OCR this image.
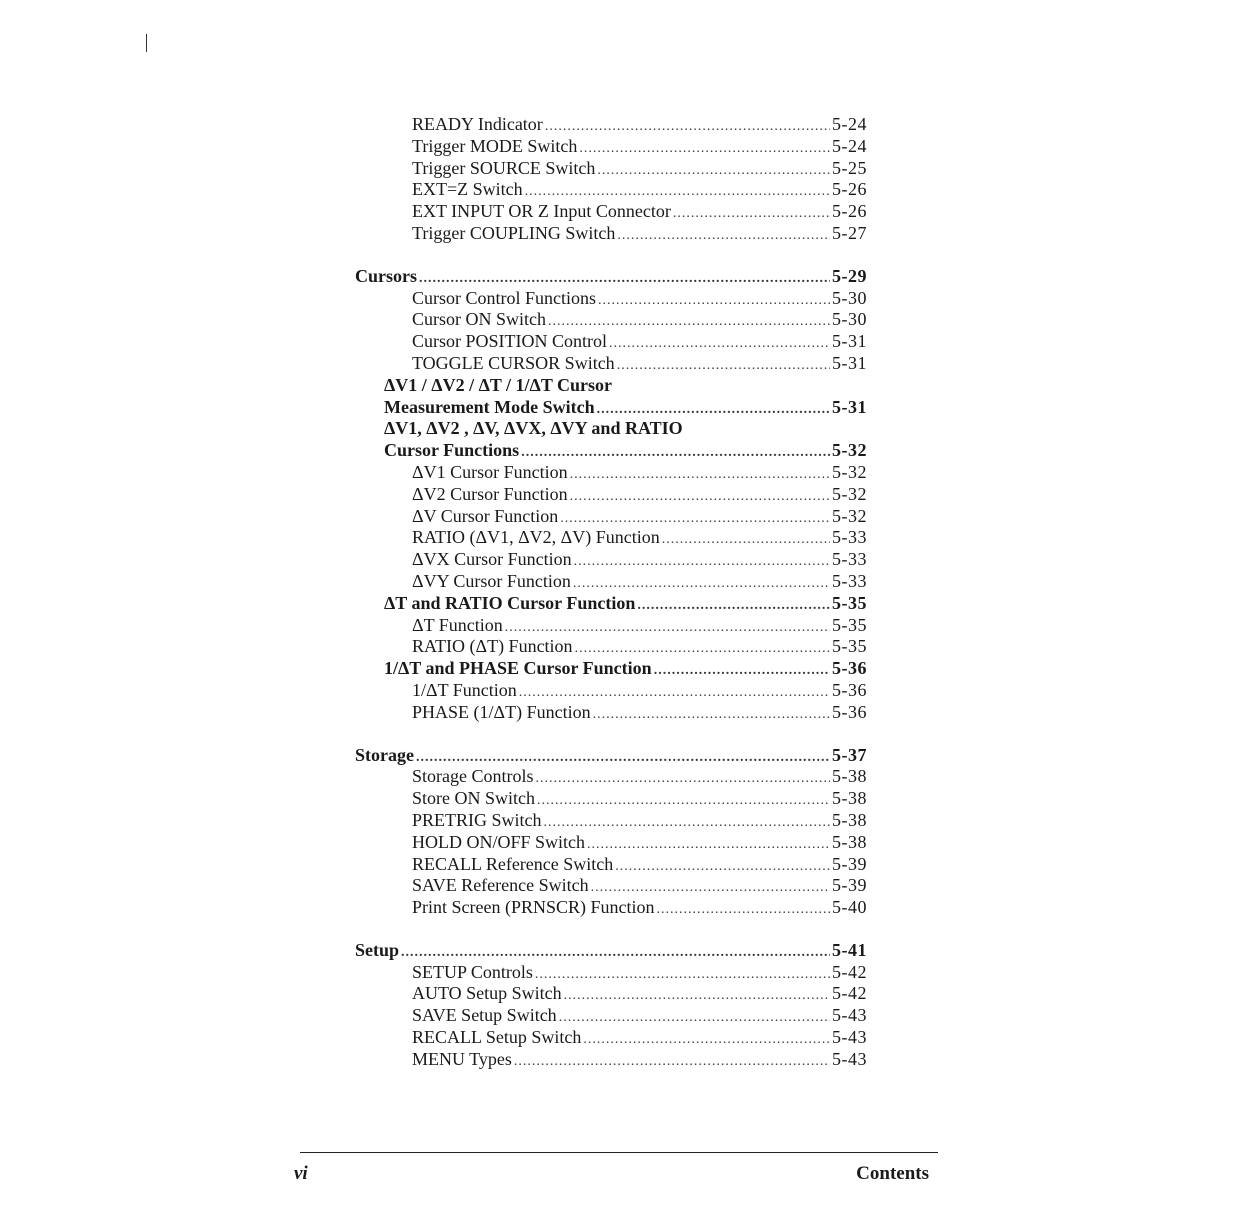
READY Indicator .....	5-24
Trigger MODE Switch .....	5-24
Trigger SOURCE Switch .....	5-25
EXT=Z Switch .....	5-26
EXT INPUT OR Z Input Connector .....	5-26
Trigger COUPLING Switch .....	5-27
Cursors .....	5-29
Cursor Control Functions .....	5-30
Cursor ON Switch .....	5-30
Cursor POSITION Control .....	5-31
TOGGLE CURSOR Switch .....	5-31
ΔV1 / ΔV2 / ΔT / 1/ΔT Cursor
Measurement Mode Switch .....	5-31
ΔV1, ΔV2 , ΔV, ΔVX, ΔVY and RATIO
Cursor Functions .....	5-32
ΔV1 Cursor Function .....	5-32
ΔV2 Cursor Function .....	5-32
ΔV Cursor Function .....	5-32
RATIO (ΔV1, ΔV2, ΔV) Function .....	5-33
ΔVX Cursor Function .....	5-33
ΔVY Cursor Function .....	5-33
ΔT and RATIO Cursor Function .....	5-35
ΔT Function .....	5-35
RATIO (ΔT) Function .....	5-35
1/ΔT and PHASE Cursor Function .....	5-36
1/ΔT Function .....	5-36
PHASE (1/ΔT) Function .....	5-36
Storage .....	5-37
Storage Controls .....	5-38
Store ON Switch .....	5-38
PRETRIG Switch .....	5-38
HOLD ON/OFF Switch .....	5-38
RECALL Reference Switch .....	5-39
SAVE Reference Switch .....	5-39
Print Screen (PRNSCR) Function .....	5-40
Setup .....	5-41
SETUP Controls .....	5-42
AUTO Setup Switch .....	5-42
SAVE Setup Switch .....	5-43
RECALL Setup Switch .....	5-43
MENU Types .....	5-43
vi	Contents
